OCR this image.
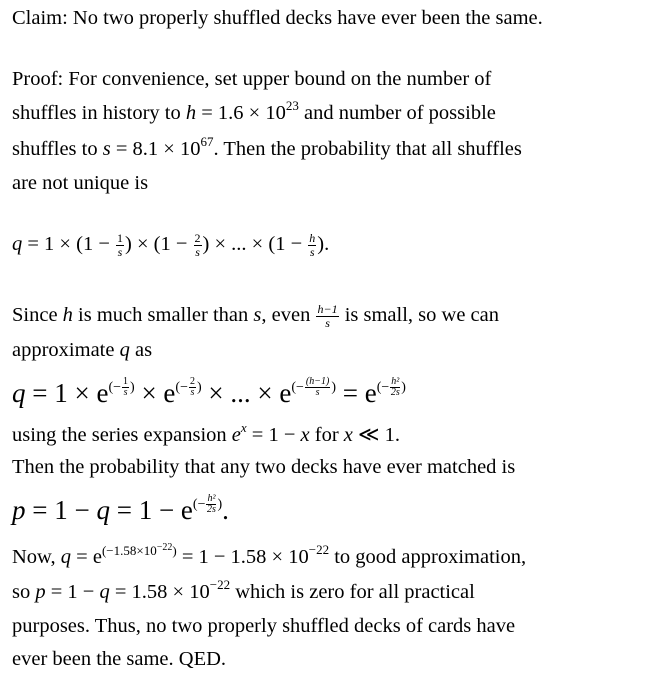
Claim: No two properly shuffled decks have ever been the same.
Proof: For convenience, set upper bound on the number of
shuffles in history to $h = 1.6 \times 10^{23}$ and number of possible
shuffles to $s = 8.1 \times 10^{67}$. Then the probability that all shuffles
are not unique is
$q = 1 \times (1 - \frac{1}{s}$ ) × ($1 - \frac{2}{s}$ ) × ... × ($1 - \frac{h}{s}$ ).
Since h is much smaller than s, even $\frac{h-1}{s}$ is small, so we can
approximate q as
$q = 1 \times e^{(- \frac{1}{s} )} \times e^{(- \frac{2}{s} )}$ × ... × $e^{(- \frac{(h-1)}{s} )} = e^{(- \frac{\text{h²}}{2s} )}$
using the series expansion $e^x = 1 - x$ for x ≪ 1.
Then the probability that any two decks have ever matched is
$p = 1 - q = 1 - e^{(- \frac{\text{h²}}{2s} )}$.
Now, $q = e^{(-1.58\times 10^{-22})} = 1 - 1.58 \times 10^{-22}$ to good approximation,
so $p = 1 - q = 1.58 \times 10^{-22}$ which is zero for all practical
purposes. Thus, no two properly shuffled decks of cards have
ever been the same. QED.
